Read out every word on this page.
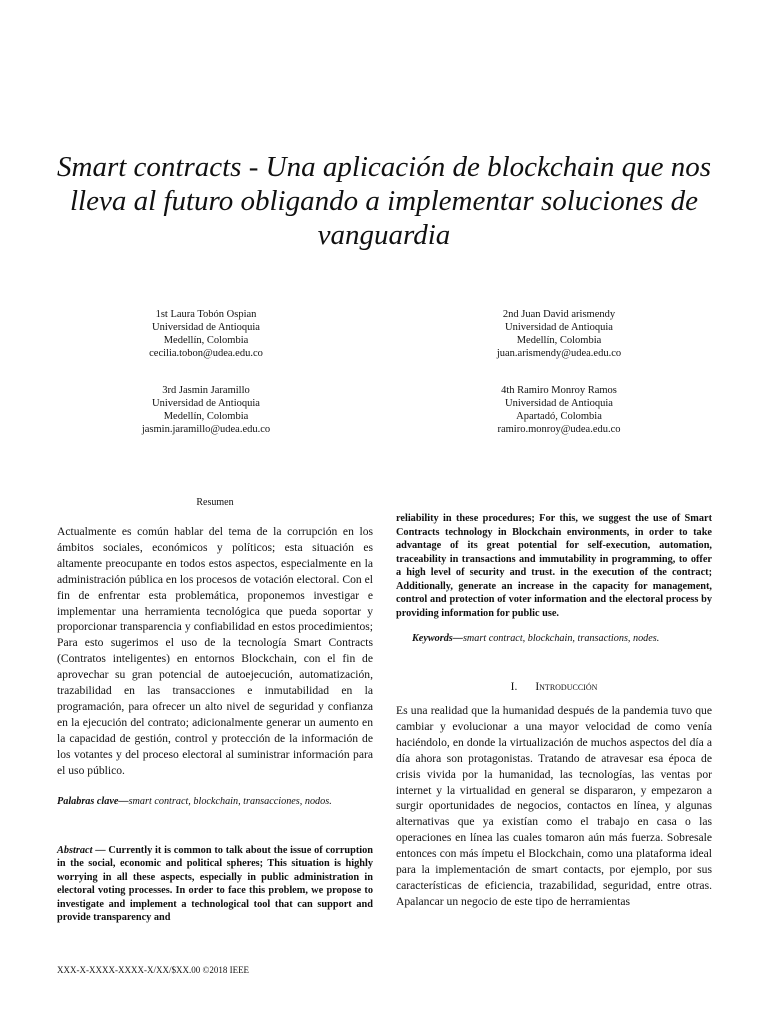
Smart contracts - Una aplicación de blockchain que nos lleva al futuro obligando a implementar soluciones de vanguardia
1st Laura Tobón Ospian
Universidad de Antioquia
Medellín, Colombia
cecilia.tobon@udea.edu.co
2nd Juan David arismendy
Universidad de Antioquia
Medellín, Colombia
juan.arismendy@udea.edu.co
3rd Jasmin Jaramillo
Universidad de Antioquia
Medellín, Colombia
jasmin.jaramillo@udea.edu.co
4th Ramiro Monroy Ramos
Universidad de Antioquia
Apartadó, Colombia
ramiro.monroy@udea.edu.co

Resumen

Actualmente es común hablar del tema de la corrupción en los ámbitos sociales, económicos y políticos; esta situación es altamente preocupante en todos estos aspectos, especialmente en la administración pública en los procesos de votación electoral. Con el fin de enfrentar esta problemática, proponemos investigar e implementar una herramienta tecnológica que pueda soportar y proporcionar transparencia y confiabilidad en estos procedimientos; Para esto sugerimos el uso de la tecnología Smart Contracts (Contratos inteligentes) en entornos Blockchain, con el fin de aprovechar su gran potencial de autoejecución, automatización, trazabilidad en las transacciones e inmutabilidad en la programación, para ofrecer un alto nivel de seguridad y confianza en la ejecución del contrato; adicionalmente generar un aumento en la capacidad de gestión, control y protección de la información de los votantes y del proceso electoral al suministrar información para el uso público.

Palabras clave—smart contract, blockchain, transacciones, nodos.

Abstract — Currently it is common to talk about the issue of corruption in the social, economic and political spheres; This situation is highly worrying in all these aspects, especially in public administration in electoral voting processes. In order to face this problem, we propose to investigate and implement a technological tool that can support and provide transparency and

reliability in these procedures; For this, we suggest the use of Smart Contracts technology in Blockchain environments, in order to take advantage of its great potential for self-execution, automation, traceability in transactions and immutability in programming, to offer a high level of security and trust. in the execution of the contract; Additionally, generate an increase in the capacity for management, control and protection of voter information and the electoral process by providing information for public use.

Keywords—smart contract, blockchain, transactions, nodes.

I. Introducción

Es una realidad que la humanidad después de la pandemia tuvo que cambiar y evolucionar a una mayor velocidad de como venía haciéndolo, en donde la virtualización de muchos aspectos del día a día ahora son protagonistas. Tratando de atravesar esa época de crisis vivida por la humanidad, las tecnologías, las ventas por internet y la virtualidad en general se dispararon, y empezaron a surgir oportunidades de negocios, contactos en línea, y algunas alternativas que ya existían como el trabajo en casa o las operaciones en línea las cuales tomaron aún más fuerza. Sobresale entonces con más ímpetu el Blockchain, como una plataforma ideal para la implementación de smart contacts, por ejemplo, por sus características de eficiencia, trazabilidad, seguridad, entre otras. Apalancar un negocio de este tipo de herramientas

XXX-X-XXXX-XXXX-X/XX/$XX.00 ©2018 IEEE
